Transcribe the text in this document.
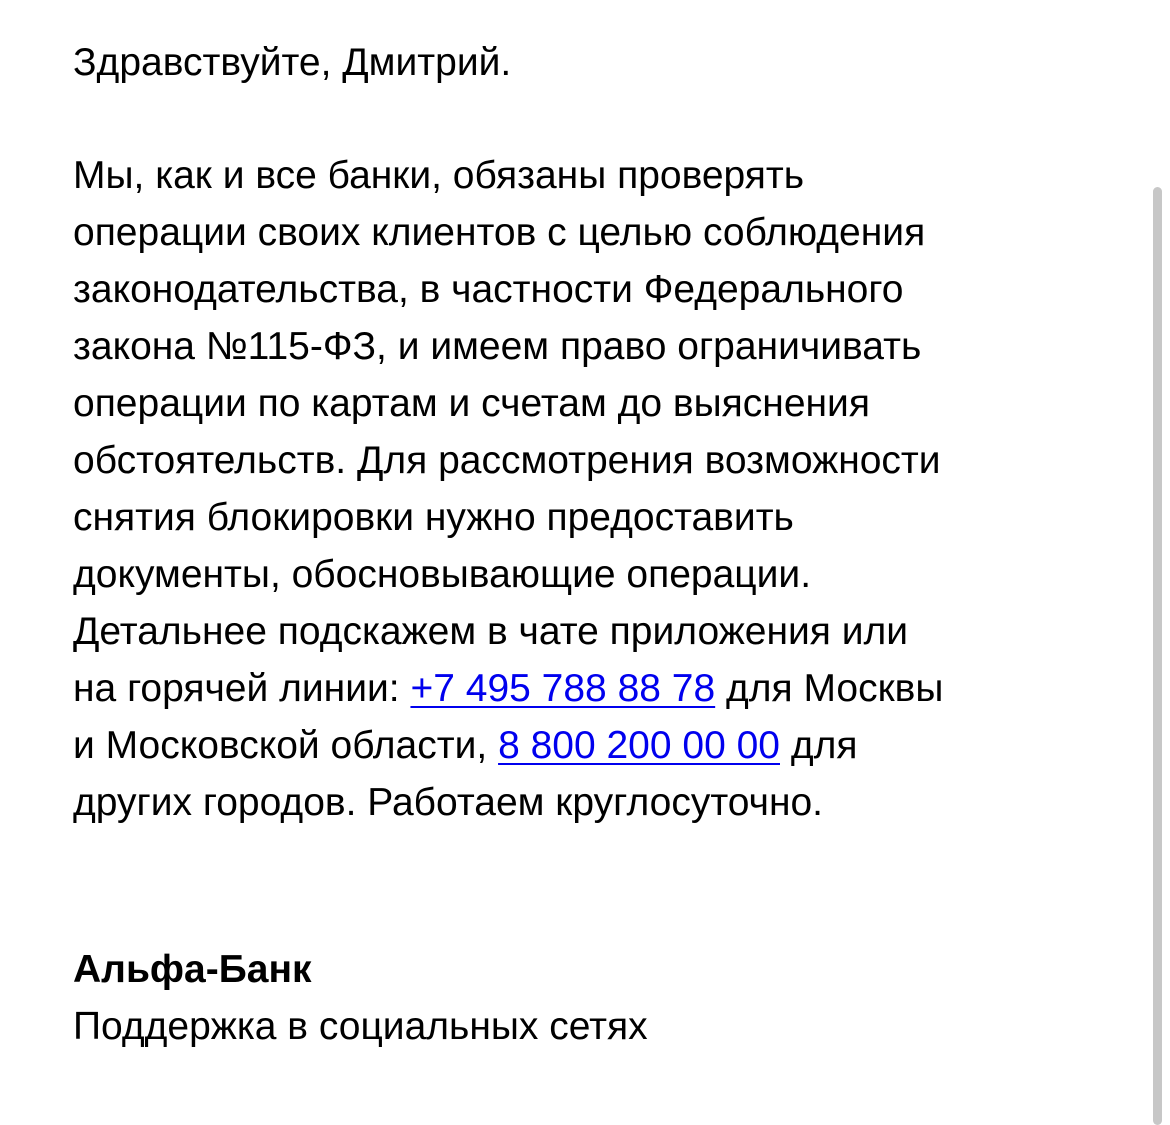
Здравствуйте, Дмитрий.

Мы, как и все банки, обязаны проверять

операции своих клиентов с целью соблюдения

законодательства, в частности Федерального

закона №115-ФЗ, и имеем право ограничивать

операции по картам и счетам до выяснения

обстоятельств. Для рассмотрения возможности

снятия блокировки нужно предоставить

документы, обосновывающие операции.

Детальнее подскажем в чате приложения или

на горячей линии: +7 495 788 88 78 для Москвы

и Московской области, 8 800 200 00 00 для

других городов. Работаем круглосуточно.

Альфа-Банк

Поддержка в социальных сетях
